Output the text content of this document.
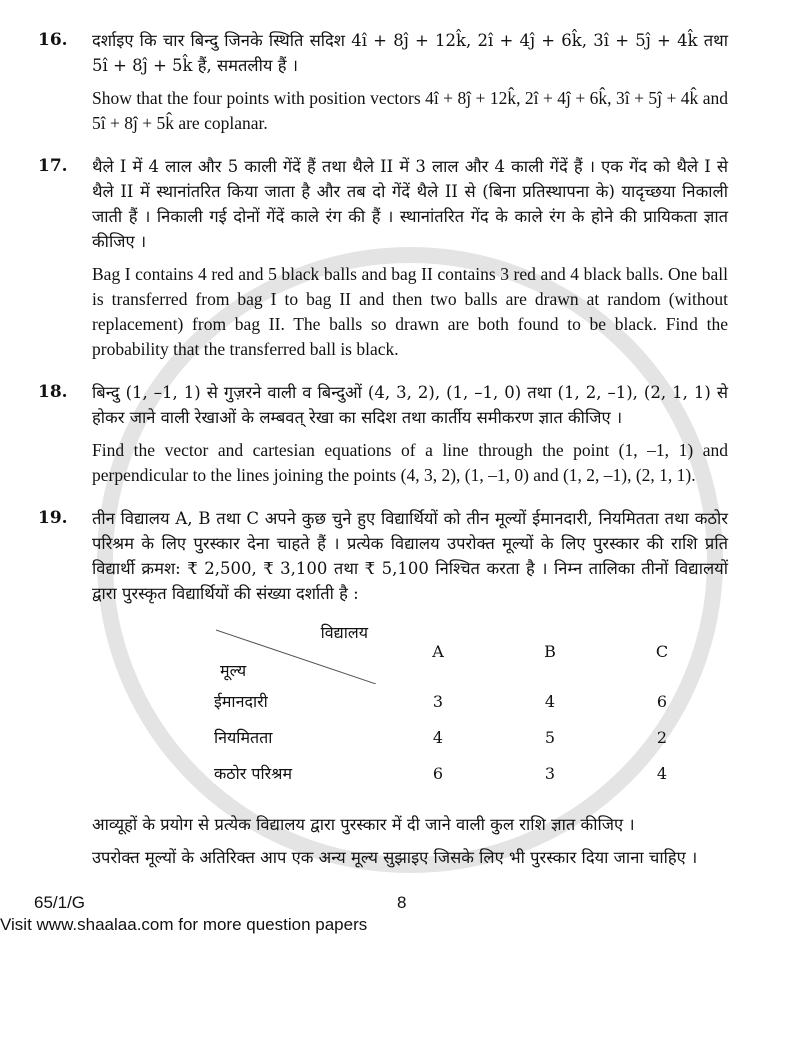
16.	दर्शाइए कि चार बिन्दु जिनके स्थिति सदिश 4î + 8ĵ + 12k̂, 2î + 4ĵ + 6k̂, 3î + 5ĵ + 4k̂ तथा 5î + 8ĵ + 5k̂ हैं, समतलीय हैं ।

Show that the four points with position vectors 4î + 8ĵ + 12k̂, 2î + 4ĵ + 6k̂, 3î + 5ĵ + 4k̂ and 5î + 8ĵ + 5k̂ are coplanar.

17.	थैले I में 4 लाल और 5 काली गेंदें हैं तथा थैले II में 3 लाल और 4 काली गेंदें हैं । एक गेंद को थैले I से थैले II में स्थानांतरित किया जाता है और तब दो गेंदें थैले II से (बिना प्रतिस्थापना के) यादृच्छया निकाली जाती हैं । निकाली गई दोनों गेंदें काले रंग की हैं । स्थानांतरित गेंद के काले रंग के होने की प्रायिकता ज्ञात कीजिए ।

Bag I contains 4 red and 5 black balls and bag II contains 3 red and 4 black balls. One ball is transferred from bag I to bag II and then two balls are drawn at random (without replacement) from bag II. The balls so drawn are both found to be black. Find the probability that the transferred ball is black.

18.	बिन्दु (1, –1, 1) से गुज़रने वाली व बिन्दुओं (4, 3, 2), (1, –1, 0) तथा (1, 2, –1), (2, 1, 1) से होकर जाने वाली रेखाओं के लम्बवत् रेखा का सदिश तथा कार्तीय समीकरण ज्ञात कीजिए ।

Find the vector and cartesian equations of a line through the point (1, –1, 1) and perpendicular to the lines joining the points (4, 3, 2), (1, –1, 0) and (1, 2, –1), (2, 1, 1).

19.	तीन विद्यालय A, B तथा C अपने कुछ चुने हुए विद्यार्थियों को तीन मूल्यों ईमानदारी, नियमितता तथा कठोर परिश्रम के लिए पुरस्कार देना चाहते हैं । प्रत्येक विद्यालय उपरोक्त मूल्यों के लिए पुरस्कार की राशि प्रति विद्यार्थी क्रमश: ₹ 2,500, ₹ 3,100 तथा ₹ 5,100 निश्चित करता है । निम्न तालिका तीनों विद्यालयों द्वारा पुरस्कृत विद्यार्थियों की संख्या दर्शाती है :

विद्यालय
मूल्य	A	B	C
ईमानदारी	3	4	6
नियमितता	4	5	2
कठोर परिश्रम	6	3	4

आव्यूहों के प्रयोग से प्रत्येक विद्यालय द्वारा पुरस्कार में दी जाने वाली कुल राशि ज्ञात कीजिए ।

उपरोक्त मूल्यों के अतिरिक्त आप एक अन्य मूल्य सुझाइए जिसके लिए भी पुरस्कार दिया जाना चाहिए ।

65/1/G	8
Visit www.shaalaa.com for more question papers
